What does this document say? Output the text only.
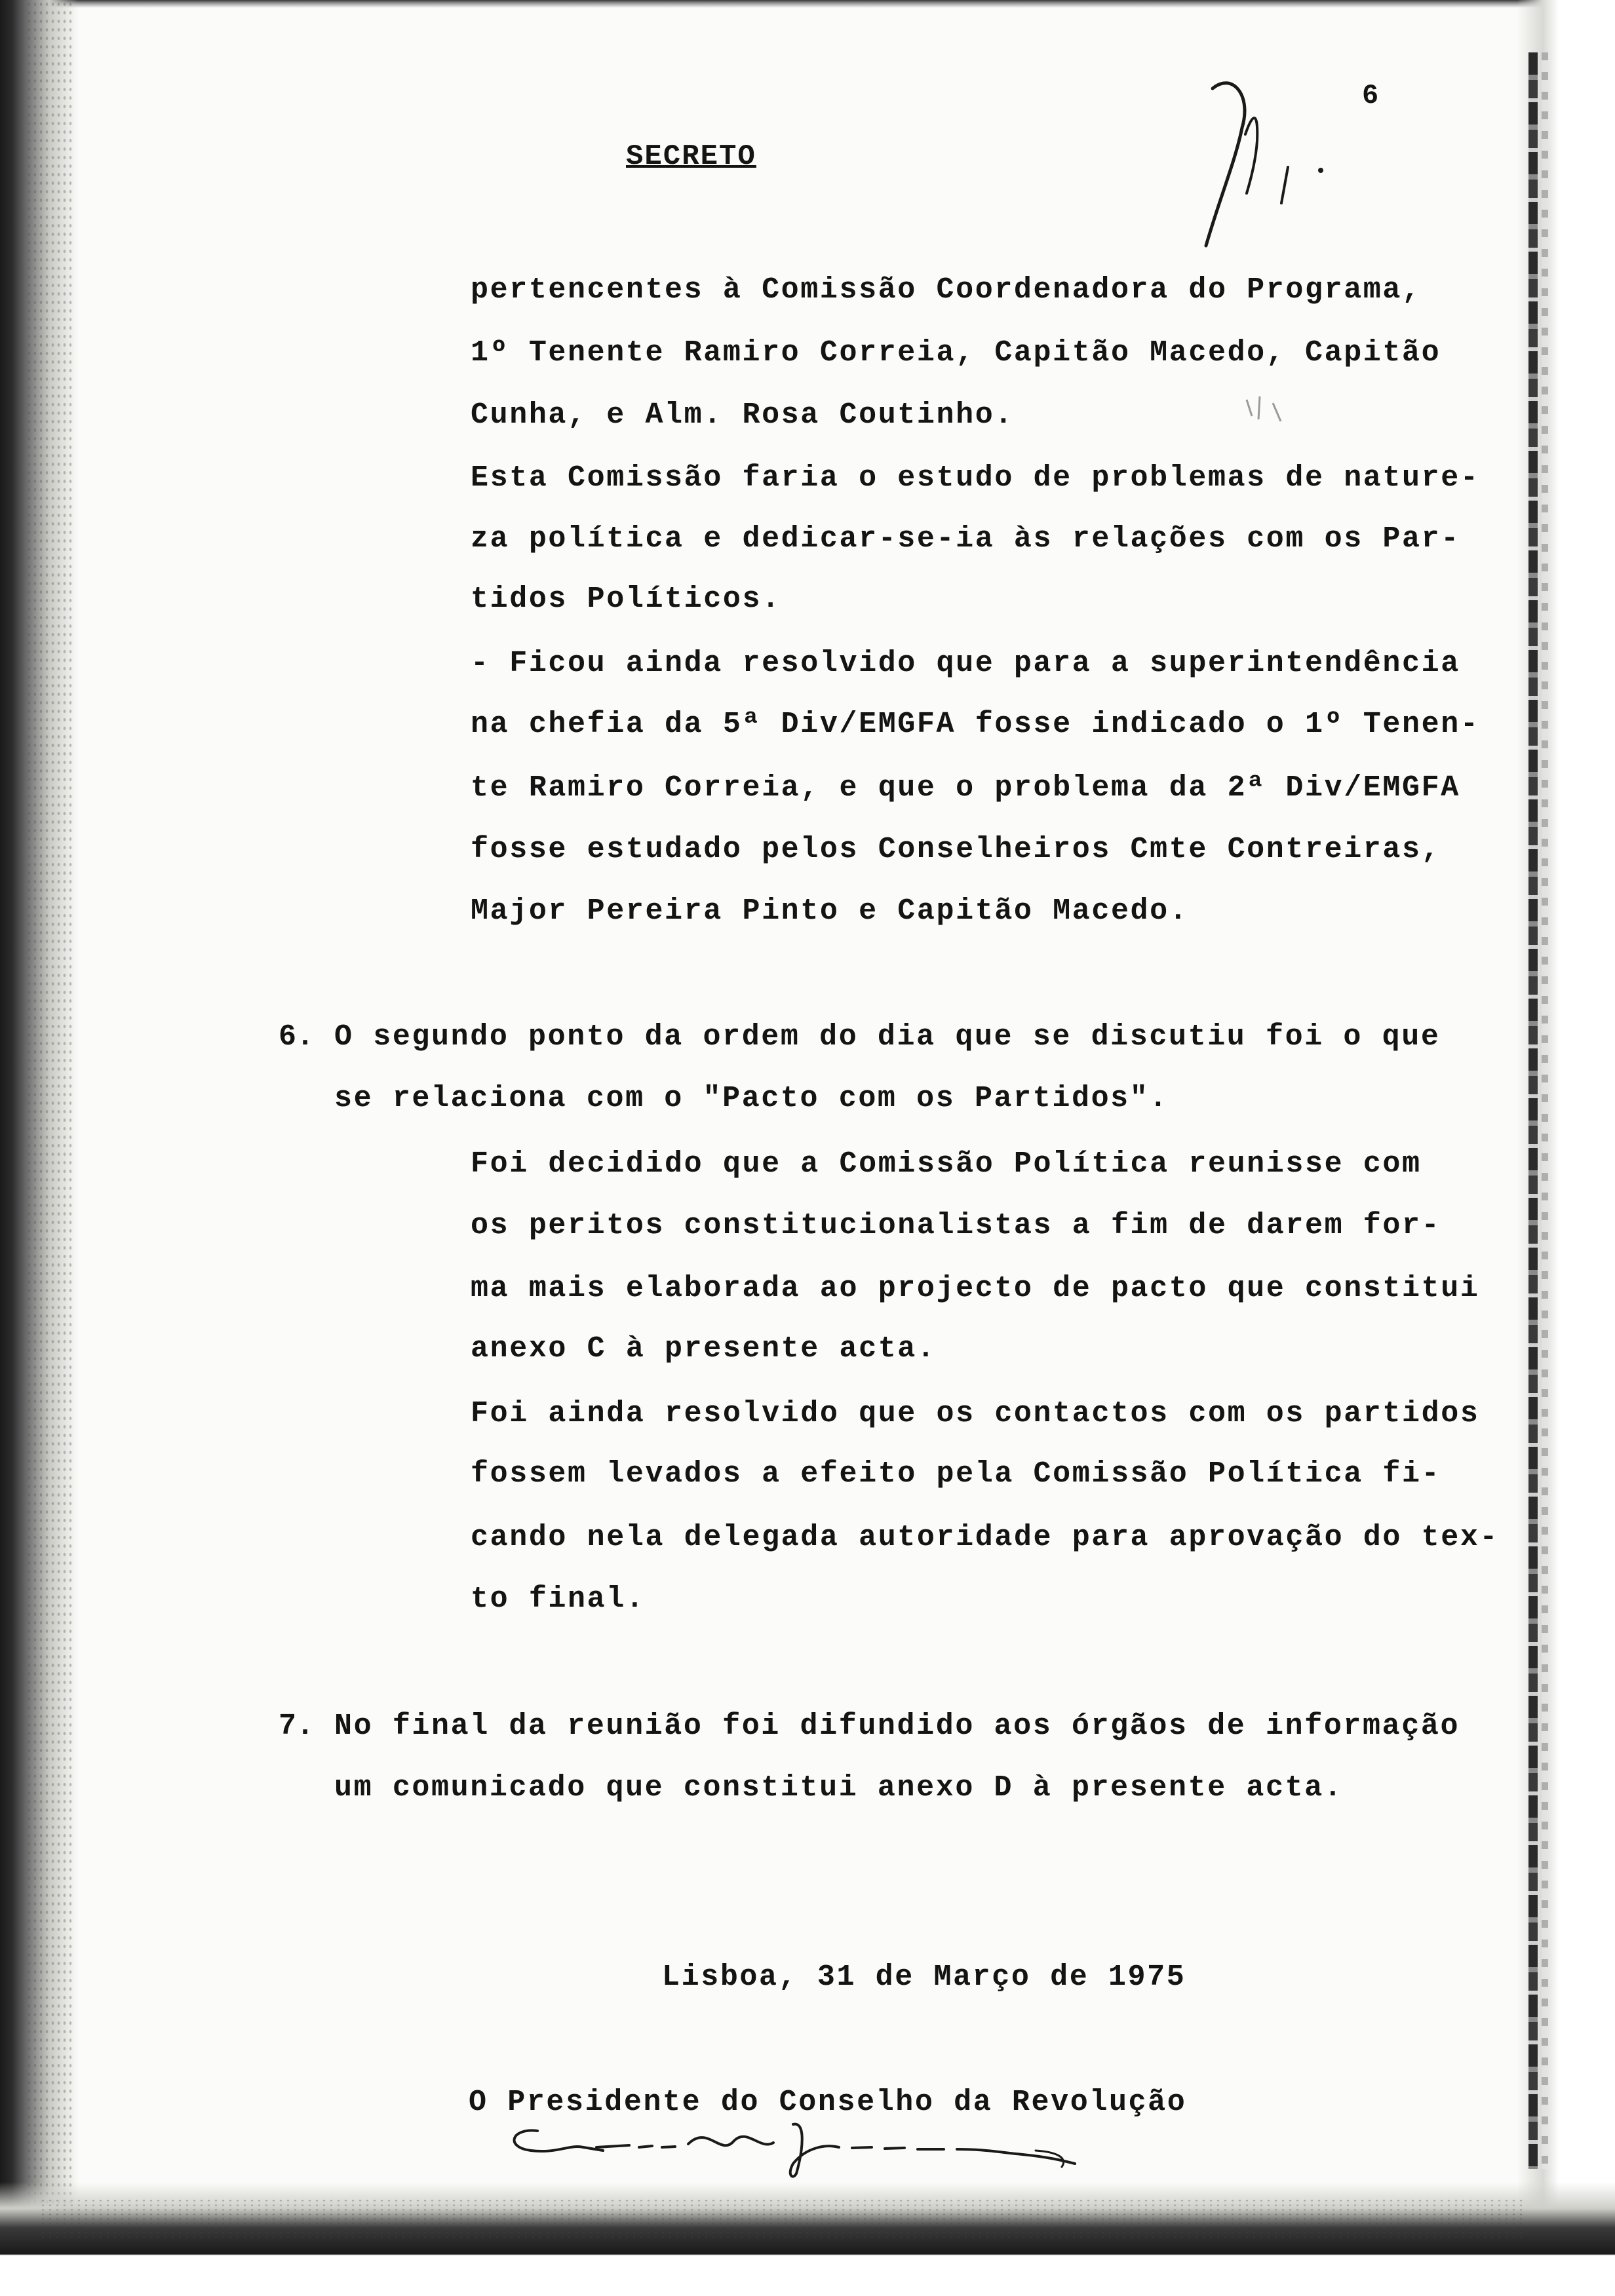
6
SECRETO
pertencentes à Comissão Coordenadora do Programa,
1º Tenente Ramiro Correia, Capitão Macedo, Capitão
Cunha, e Alm. Rosa Coutinho.
Esta Comissão faria o estudo de problemas de nature-
za política e dedicar-se-ia às relações com os Par-
tidos Políticos.
- Ficou ainda resolvido que para a superintendência
na chefia da 5ª Div/EMGFA fosse indicado o 1º Tenen-
te Ramiro Correia, e que o problema da 2ª Div/EMGFA
fosse estudado pelos Conselheiros Cmte Contreiras,
Major Pereira Pinto e Capitão Macedo.
6. O segundo ponto da ordem do dia que se discutiu foi o que
se relaciona com o "Pacto com os Partidos".
Foi decidido que a Comissão Política reunisse com
os peritos constitucionalistas a fim de darem for-
ma mais elaborada ao projecto de pacto que constitui
anexo C à presente acta.
Foi ainda resolvido que os contactos com os partidos
fossem levados a efeito pela Comissão Política fi-
cando nela delegada autoridade para aprovação do tex-
to final.
7. No final da reunião foi difundido aos órgãos de informação
um comunicado que constitui anexo D à presente acta.
Lisboa, 31 de Março de 1975
O Presidente do Conselho da Revolução
